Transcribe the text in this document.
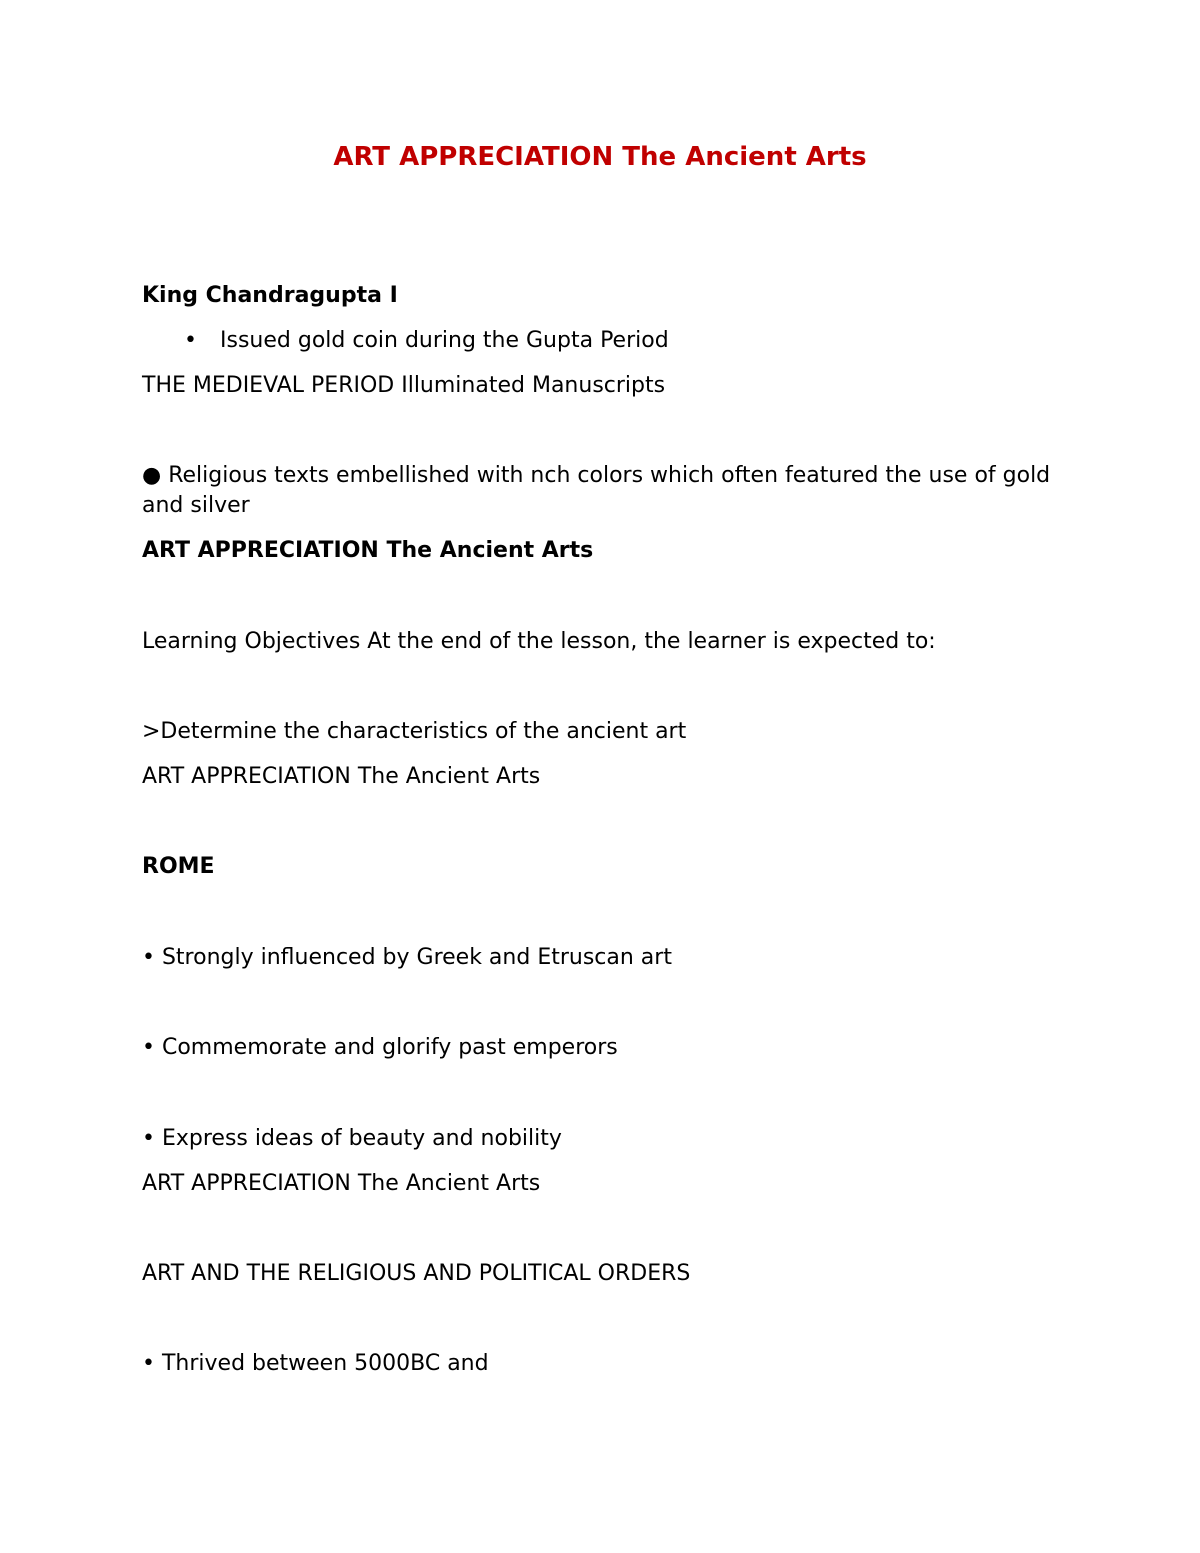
ART APPRECIATION The Ancient Arts

King Chandragupta I

• Issued gold coin during the Gupta Period

THE MEDIEVAL PERIOD Illuminated Manuscripts

● Religious texts embellished with nch colors which often featured the use of gold and silver

ART APPRECIATION The Ancient Arts

Learning Objectives At the end of the lesson, the learner is expected to:

>Determine the characteristics of the ancient art

ART APPRECIATION The Ancient Arts

ROME

• Strongly influenced by Greek and Etruscan art

• Commemorate and glorify past emperors

• Express ideas of beauty and nobility

ART APPRECIATION The Ancient Arts

ART AND THE RELIGIOUS AND POLITICAL ORDERS

• Thrived between 5000BC and
